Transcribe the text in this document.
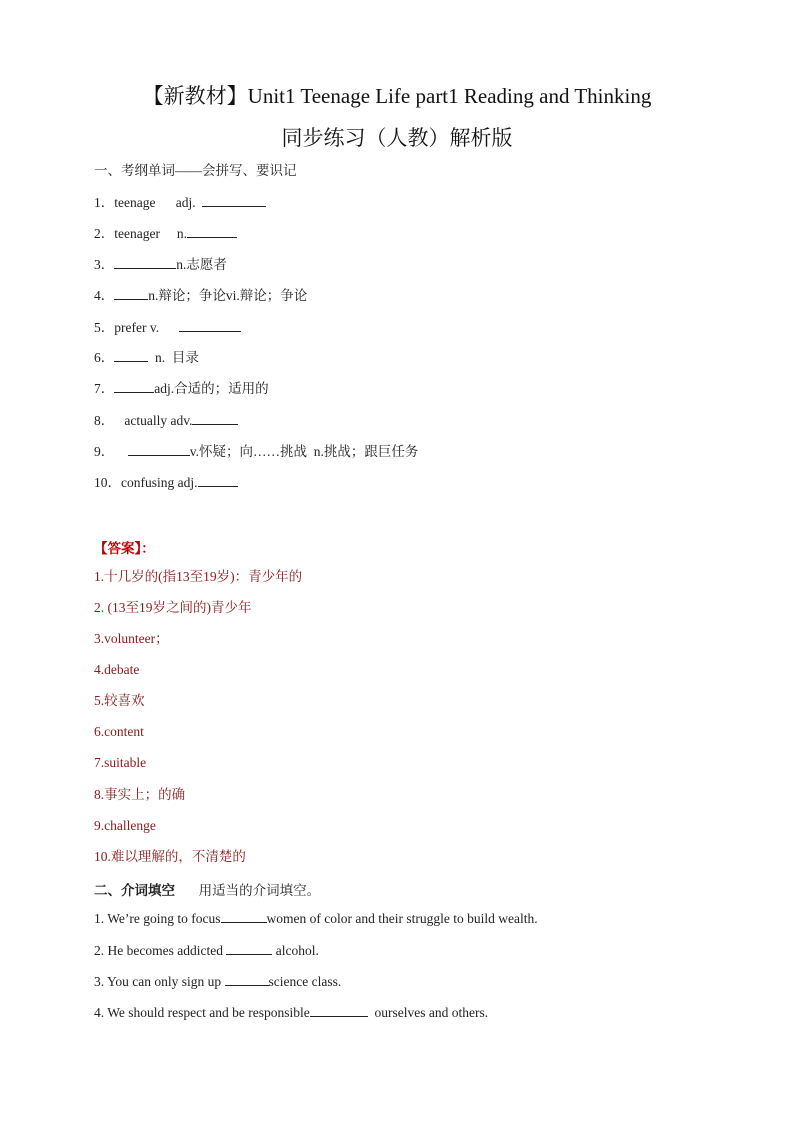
【新教材】Unit1 Teenage Life part1 Reading and Thinking
同步练习（人教）解析版
一、考纲单词——会拼写、要识记
1．teenage      adj.
2．teenager     n.
3．	n.志愿者
4．	n.辩论；争论vi.辩论；争论
5．prefer v.
6．	n.  目录
7．	adj.合适的；适用的
8．   actually adv.
9．	v.怀疑；向……挑战  n.挑战；跟巨任务
10．confusing adj.
【答案】：
1.十几岁的(指13至19岁)：青少年的
2. (13至19岁之间的)青少年
3.volunteer；
4.debate
5.较喜欢
6.content
7.suitable
8.事实上；的确
9.challenge
10.难以理解的，不清楚的
二、介词填空       用适当的介词填空。
1. We’re going to focus	women of color and their struggle to build wealth.
2. He becomes addicted	alcohol.
3. You can only sign up	science class.
4. We should respect and be responsible	ourselves and others.
